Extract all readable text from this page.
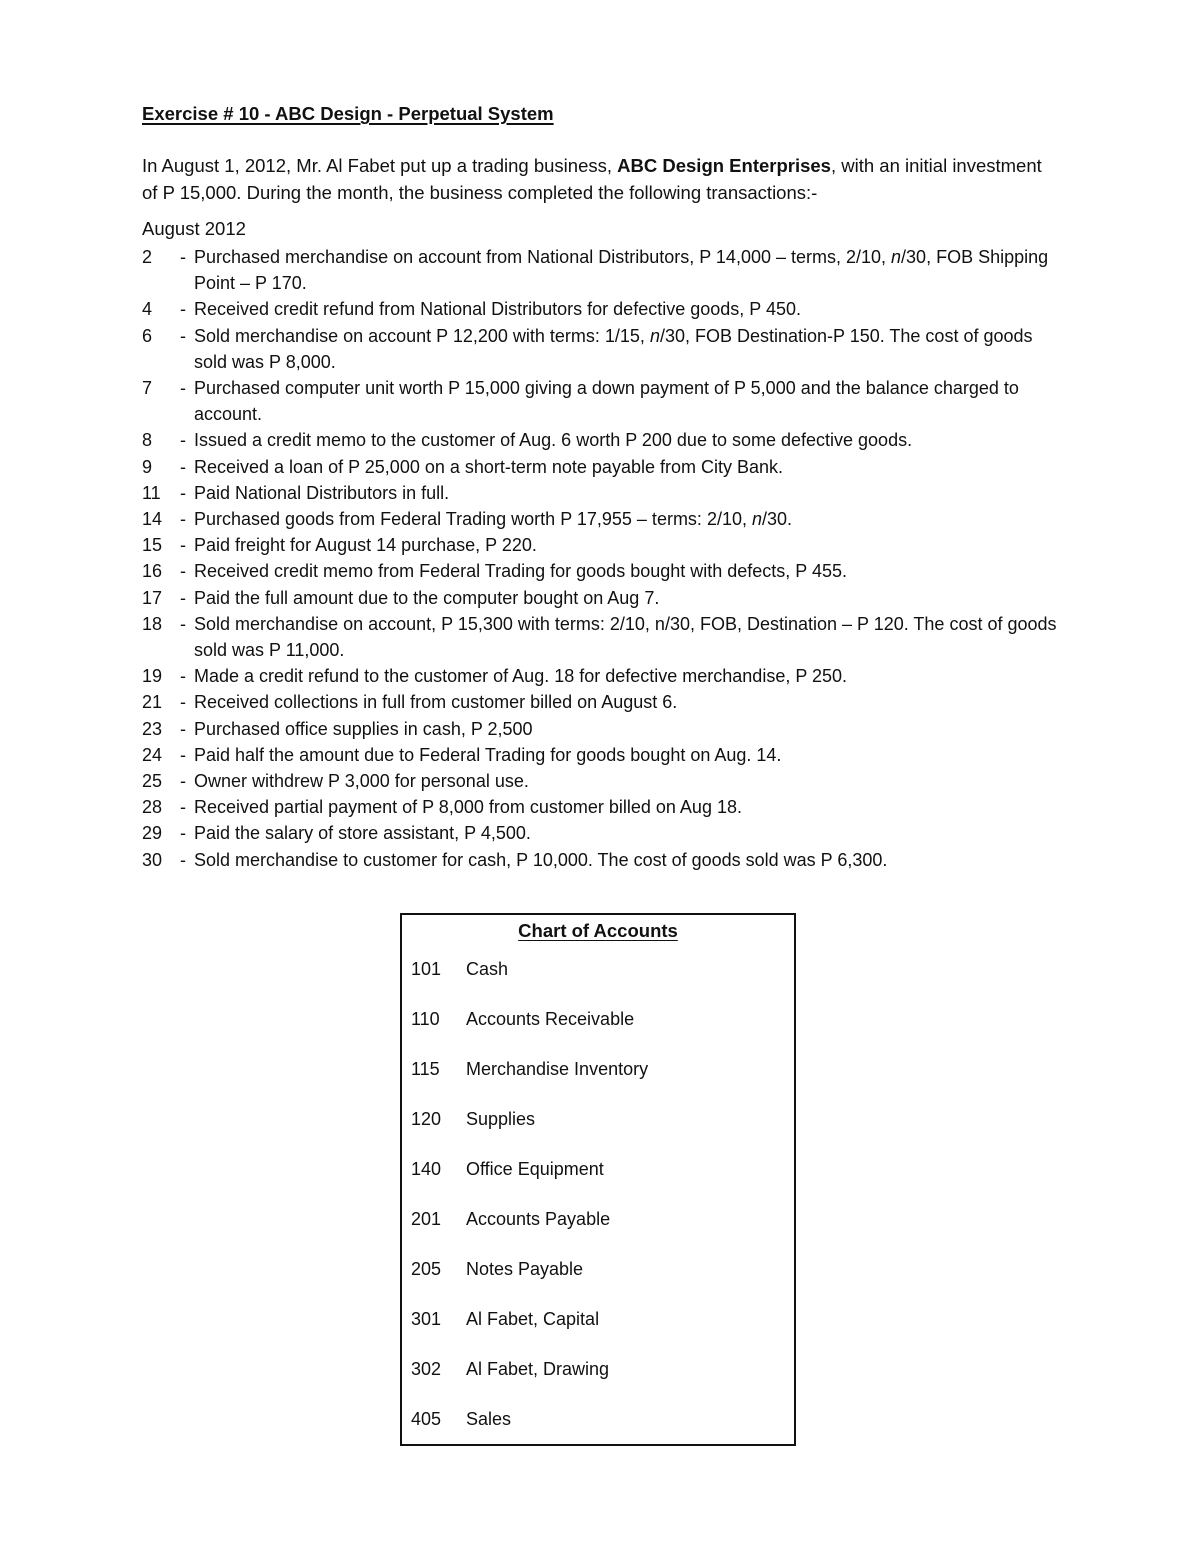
Exercise # 10 - ABC Design - Perpetual System
In August 1, 2012, Mr. Al Fabet put up a trading business, ABC Design Enterprises, with an initial investment of P 15,000. During the month, the business completed the following transactions:-
August 2012
2	- Purchased merchandise on account from National Distributors, P 14,000 – terms, 2/10, n/30, FOB Shipping Point – P 170.
4	- Received credit refund from National Distributors for defective goods, P 450.
6	- Sold merchandise on account P 12,200 with terms: 1/15, n/30, FOB Destination-P 150. The cost of goods sold was P 8,000.
7	- Purchased computer unit worth P 15,000 giving a down payment of P 5,000 and the balance charged to account.
8	- Issued a credit memo to the customer of Aug. 6 worth P 200 due to some defective goods.
9	- Received a loan of P 25,000 on a short-term note payable from City Bank.
11	- Paid National Distributors in full.
14 - Purchased goods from Federal Trading worth P 17,955 – terms: 2/10, n/30.
15 - Paid freight for August 14 purchase, P 220.
16 - Received credit memo from Federal Trading for goods bought with defects, P 455.
17 - Paid the full amount due to the computer bought on Aug 7.
18 - Sold merchandise on account, P 15,300 with terms: 2/10, n/30, FOB, Destination – P 120. The cost of goods sold was P 11,000.
19 - Made a credit refund to the customer of Aug. 18 for defective merchandise, P 250.
21 - Received collections in full from customer billed on August 6.
23 - Purchased office supplies in cash, P 2,500
24 - Paid half the amount due to Federal Trading for goods bought on Aug. 14.
25 - Owner withdrew P 3,000 for personal use.
28 - Received partial payment of P 8,000 from customer billed on Aug 18.
29 - Paid the salary of store assistant, P 4,500.
30 - Sold merchandise to customer for cash, P 10,000. The cost of goods sold was P 6,300.
Chart of Accounts
101	Cash
110	Accounts Receivable
115	Merchandise Inventory
120	Supplies
140	Office Equipment
201	Accounts Payable
205	Notes Payable
301	Al Fabet, Capital
302	Al Fabet, Drawing
405	Sales
